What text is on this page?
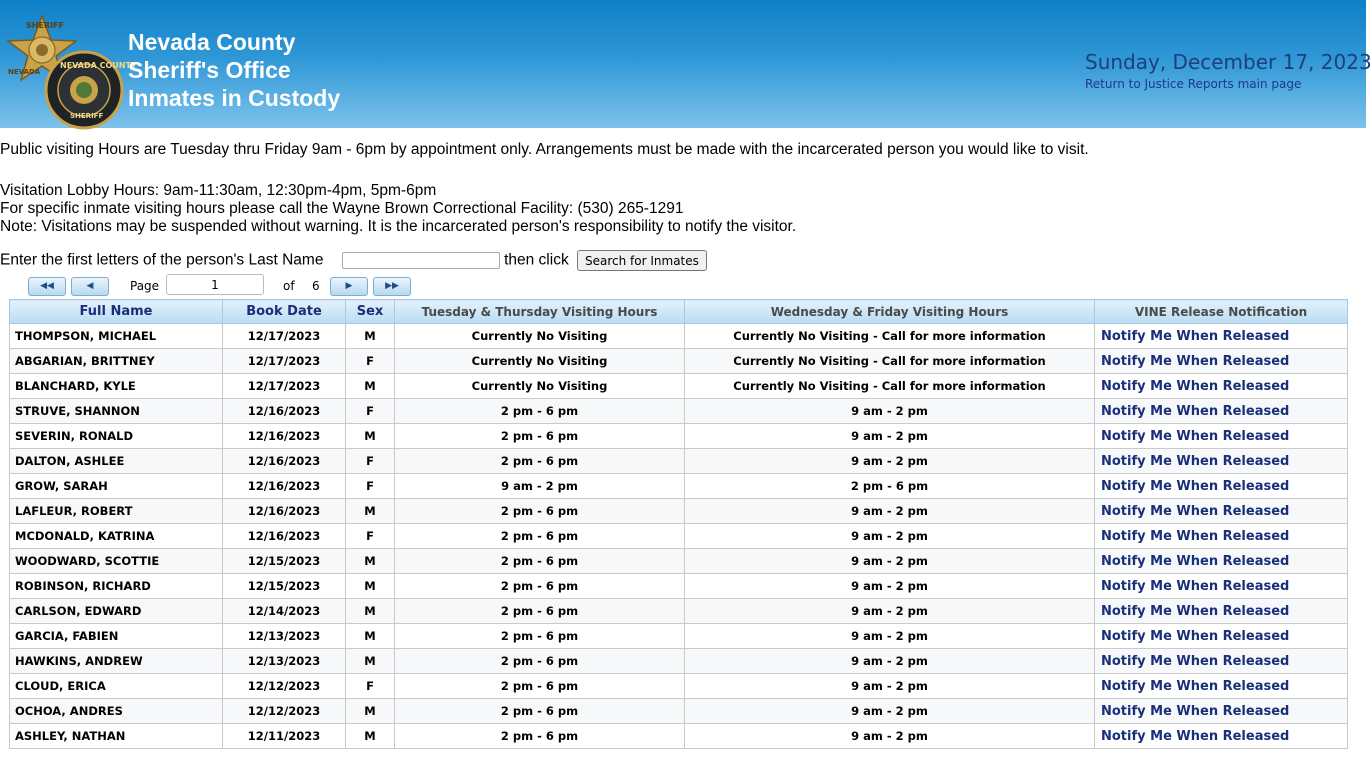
SHERIFF
NEVADA
NEVADA COUNTY
SHERIFF
Nevada County
Sheriff's Office
Inmates in Custody
Sunday, December 17, 2023
Return to Justice Reports main page
Public visiting Hours are Tuesday thru Friday 9am - 6pm by appointment only. Arrangements must be made with the incarcerated person you would like to visit.
Visitation Lobby Hours: 9am-11:30am, 12:30pm-4pm, 5pm-6pm
For specific inmate visiting hours please call the Wayne Brown Correctional Facility: (530) 265-1291
Note: Visitations may be suspended without warning. It is the incarcerated person's responsibility to notify the visitor.
Enter the first letters of the person's Last Name	then click Search for Inmates
◀◀	◀	Page
1	of 6	▶	▶▶
Full Name	Book Date	Sex	Tuesday & Thursday Visiting Hours	Wednesday & Friday Visiting Hours	VINE Release Notification
THOMPSON, MICHAEL	12/17/2023	M	Currently No Visiting	Currently No Visiting - Call for more information	Notify Me When Released
ABGARIAN, BRITTNEY	12/17/2023	F	Currently No Visiting	Currently No Visiting - Call for more information	Notify Me When Released
BLANCHARD, KYLE	12/17/2023	M	Currently No Visiting	Currently No Visiting - Call for more information	Notify Me When Released
STRUVE, SHANNON	12/16/2023	F	2 pm - 6 pm	9 am - 2 pm	Notify Me When Released
SEVERIN, RONALD	12/16/2023	M	2 pm - 6 pm	9 am - 2 pm	Notify Me When Released
DALTON, ASHLEE	12/16/2023	F	2 pm - 6 pm	9 am - 2 pm	Notify Me When Released
GROW, SARAH	12/16/2023	F	9 am - 2 pm	2 pm - 6 pm	Notify Me When Released
LAFLEUR, ROBERT	12/16/2023	M	2 pm - 6 pm	9 am - 2 pm	Notify Me When Released
MCDONALD, KATRINA	12/16/2023	F	2 pm - 6 pm	9 am - 2 pm	Notify Me When Released
WOODWARD, SCOTTIE	12/15/2023	M	2 pm - 6 pm	9 am - 2 pm	Notify Me When Released
ROBINSON, RICHARD	12/15/2023	M	2 pm - 6 pm	9 am - 2 pm	Notify Me When Released
CARLSON, EDWARD	12/14/2023	M	2 pm - 6 pm	9 am - 2 pm	Notify Me When Released
GARCIA, FABIEN	12/13/2023	M	2 pm - 6 pm	9 am - 2 pm	Notify Me When Released
HAWKINS, ANDREW	12/13/2023	M	2 pm - 6 pm	9 am - 2 pm	Notify Me When Released
CLOUD, ERICA	12/12/2023	F	2 pm - 6 pm	9 am - 2 pm	Notify Me When Released
OCHOA, ANDRES	12/12/2023	M	2 pm - 6 pm	9 am - 2 pm	Notify Me When Released
ASHLEY, NATHAN	12/11/2023	M	2 pm - 6 pm	9 am - 2 pm	Notify Me When Released
